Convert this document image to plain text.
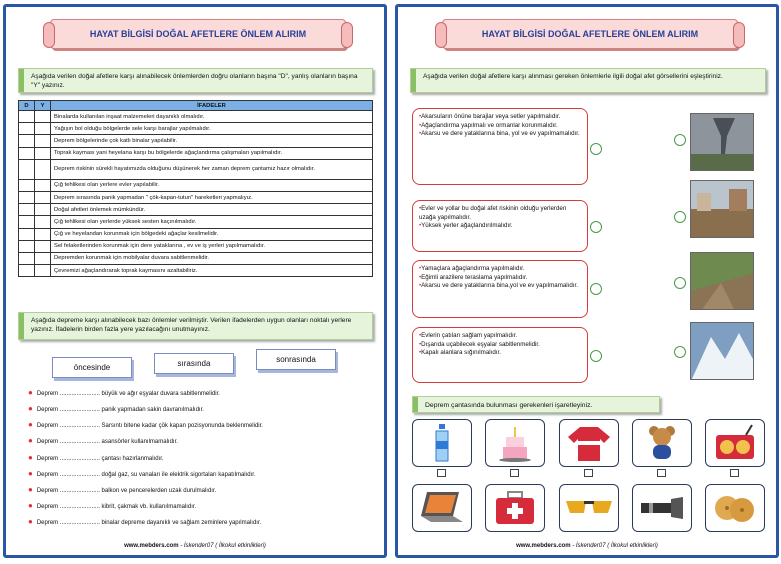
HAYAT BİLGİSİ DOĞAL AFETLERE ÖNLEM ALIRIM
Aşağıda verilen doğal afetlere karşı alınabilecek önlemlerden doğru olanların başına "D", yanlış olanların başına "Y" yazınız.
D	Y	İFADELER
		Binalarda kullanılan inşaat malzemeleri dayanıklı olmalıdır.
		Yağışın bol olduğu bölgelerde sele karşı barajlar yapılmalıdır.
		Deprem bölgelerinde çok katlı binalar yapılabilir.
		Toprak kayması yani heyelana karşı bu bölgelerde ağaçlandırma çalışmaları yapılmalıdır.
		Deprem riskinin sürekli hayatımızda olduğunu düşünerek her zaman deprem çantamız hazır olmalıdır.
		Çığ tehlikesi olan yerlere evler yapılabilir.
		Deprem sırasında panik yapmadan " çök-kapan-tutun" hareketleri yapmalıyız.
		Doğal afetleri önlemek mümkündür.
		Çığ tehlikesi olan yerlerde yüksek sesten kaçınılmalıdır.
		Çığ ve heyelandan korunmak için bölgedeki ağaçlar kesilmelidir.
		Sel felaketlerinden korunmak için dere yataklarına , ev ve iş yerleri yapılmamalıdır.
		Depremden korunmak için mobilyalar duvara sabitlenmelidir.
		Çevremizi ağaçlandırarak toprak kaymasını azaltabiliriz.
Aşağıda depreme karşı alınabilecek bazı önlemler verilmiştir. Verilen ifadelerden uygun olanları noktalı yerlere yazınız. İfadelerin birden fazla yere yazılacağını unutmayınız.
öncesinde	sırasında	sonrasında
● Deprem ........................ büyük ve ağır eşyalar duvara sabitlenmelidir.
● Deprem ........................ panik yapmadan sakin davranılmalıdır.
● Deprem ........................ Sarsıntı bitene kadar çök kapan pozisyonunda beklenmelidir.
● Deprem ........................ asansörler kullanılmamalıdır.
● Deprem ........................ çantası hazırlanmalıdır.
● Deprem ........................ doğal gaz, su vanaları ile elektrik sigortaları kapatılmalıdır.
● Deprem ........................ balkon ve pencerelerden uzak durulmalıdır.
● Deprem ........................ kibrit, çakmak vb. kullanılmamalıdır.
● Deprem ........................ binalar depreme dayanıklı ve sağlam zeminlere yapılmalıdır.
www.mebders.com - İskender07 ( İlkokul etkinlikleri)
HAYAT BİLGİSİ DOĞAL AFETLERE ÖNLEM ALIRIM
Aşağıda verilen doğal afetlere karşı alınması gereken önlemlerle ilgili doğal afet görsellerini eşleştiriniz.
• Akarsuların önüne barajlar veya setler yapılmalıdır.
• Ağaçlandırma yapılmalı ve ormanlar korunmalıdır.
• Akarsu ve dere yataklarına bina, yol ve ev yapılmamalıdır.
• Evler ve yollar bu doğal afet riskinin olduğu yerlerden uzağa yapılmalıdır.
• Yüksek yerler ağaçlandırılmalıdır.
• Yamaçlara ağaçlandırma yapılmalıdır.
• Eğimli arazilere teraslama yapılmalıdır.
• Akarsu ve dere yataklarına bina,yol ve ev yapılmamalıdır.
• Evlerin çatıları sağlam yapılmalıdır.
• Dışarıda uçabilecek eşyalar sabitlenmelidir.
• Kapalı alanlara sığınılmalıdır.
Deprem çantasında bulunması gerekenleri işaretleyiniz.
www.mebders.com - İskender07 ( İlkokul etkinlikleri)
